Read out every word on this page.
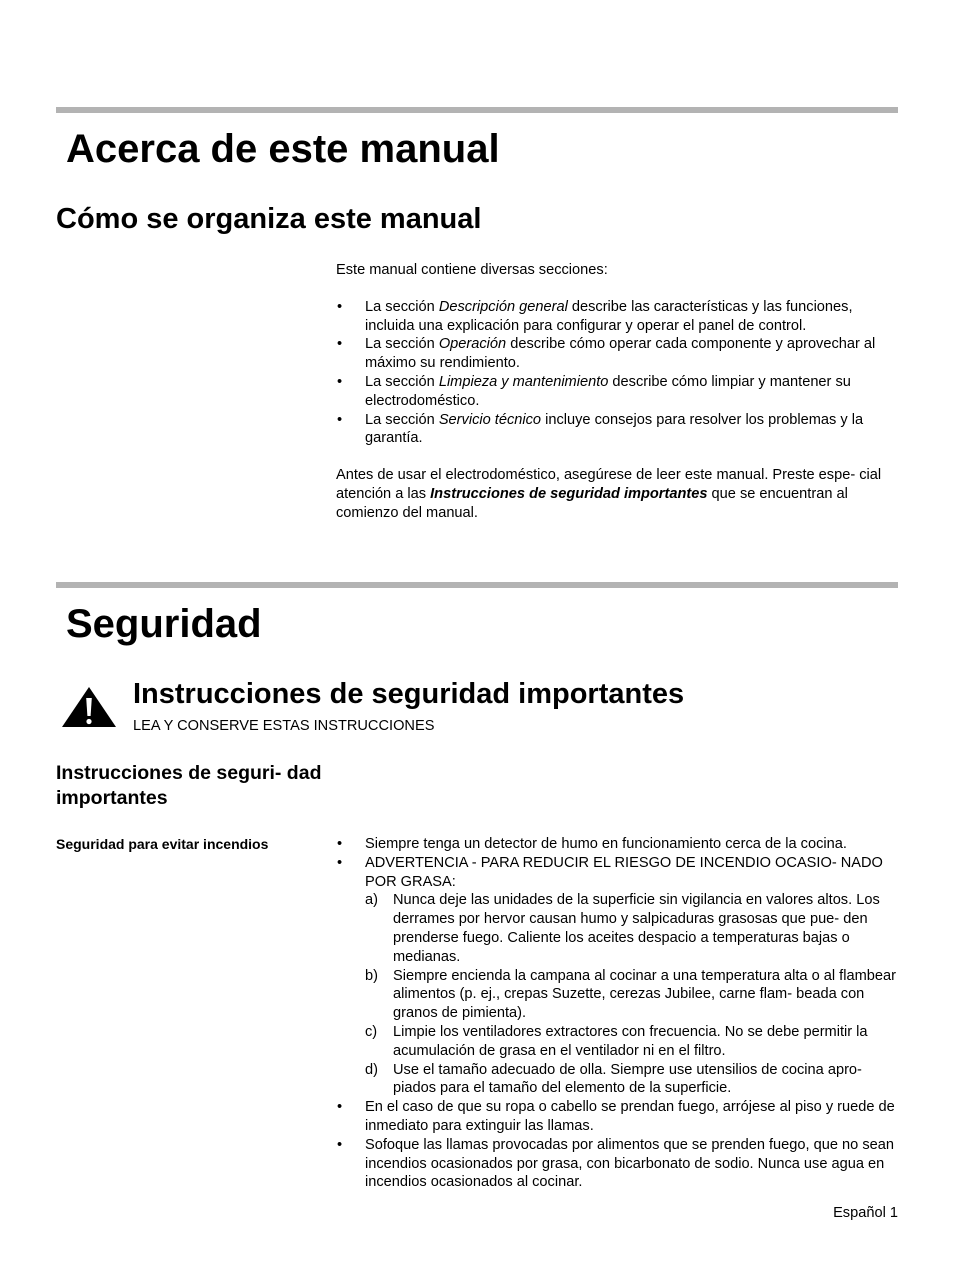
Acerca de este manual
Cómo se organiza este manual

Este manual contiene diversas secciones:

• La sección Descripción general describe las características y las funciones, incluida una explicación para configurar y operar el panel de control.
• La sección Operación describe cómo operar cada componente y aprovechar al máximo su rendimiento.
• La sección Limpieza y mantenimiento describe cómo limpiar y mantener su electrodoméstico.
• La sección Servicio técnico incluye consejos para resolver los problemas y la garantía.

Antes de usar el electrodoméstico, asegúrese de leer este manual. Preste espe- cial atención a las Instrucciones de seguridad importantes que se encuentran al comienzo del manual.

Seguridad
Instrucciones de seguridad importantes
LEA Y CONSERVE ESTAS INSTRUCCIONES
Instrucciones de seguri- dad importantes
Seguridad para evitar incendios
•	Siempre tenga un detector de humo en funcionamiento cerca de la cocina.
• ADVERTENCIA - PARA REDUCIR EL RIESGO DE INCENDIO OCASIO- NADO POR GRASA:
a) Nunca deje las unidades de la superficie sin vigilancia en valores altos. Los derrames por hervor causan humo y salpicaduras grasosas que pue- den prenderse fuego. Caliente los aceites despacio a temperaturas bajas o medianas.
b) Siempre encienda la campana al cocinar a una temperatura alta o al flambear alimentos (p. ej., crepas Suzette, cerezas Jubilee, carne flam- beada con granos de pimienta).
c) Limpie los ventiladores extractores con frecuencia. No se debe permitir la acumulación de grasa en el ventilador ni en el filtro.
d) Use el tamaño adecuado de olla. Siempre use utensilios de cocina apro- piados para el tamaño del elemento de la superficie.
• En el caso de que su ropa o cabello se prendan fuego, arrójese al piso y ruede de inmediato para extinguir las llamas.
• Sofoque las llamas provocadas por alimentos que se prenden fuego, que no sean incendios ocasionados por grasa, con bicarbonato de sodio. Nunca use agua en incendios ocasionados al cocinar.
Español 1
